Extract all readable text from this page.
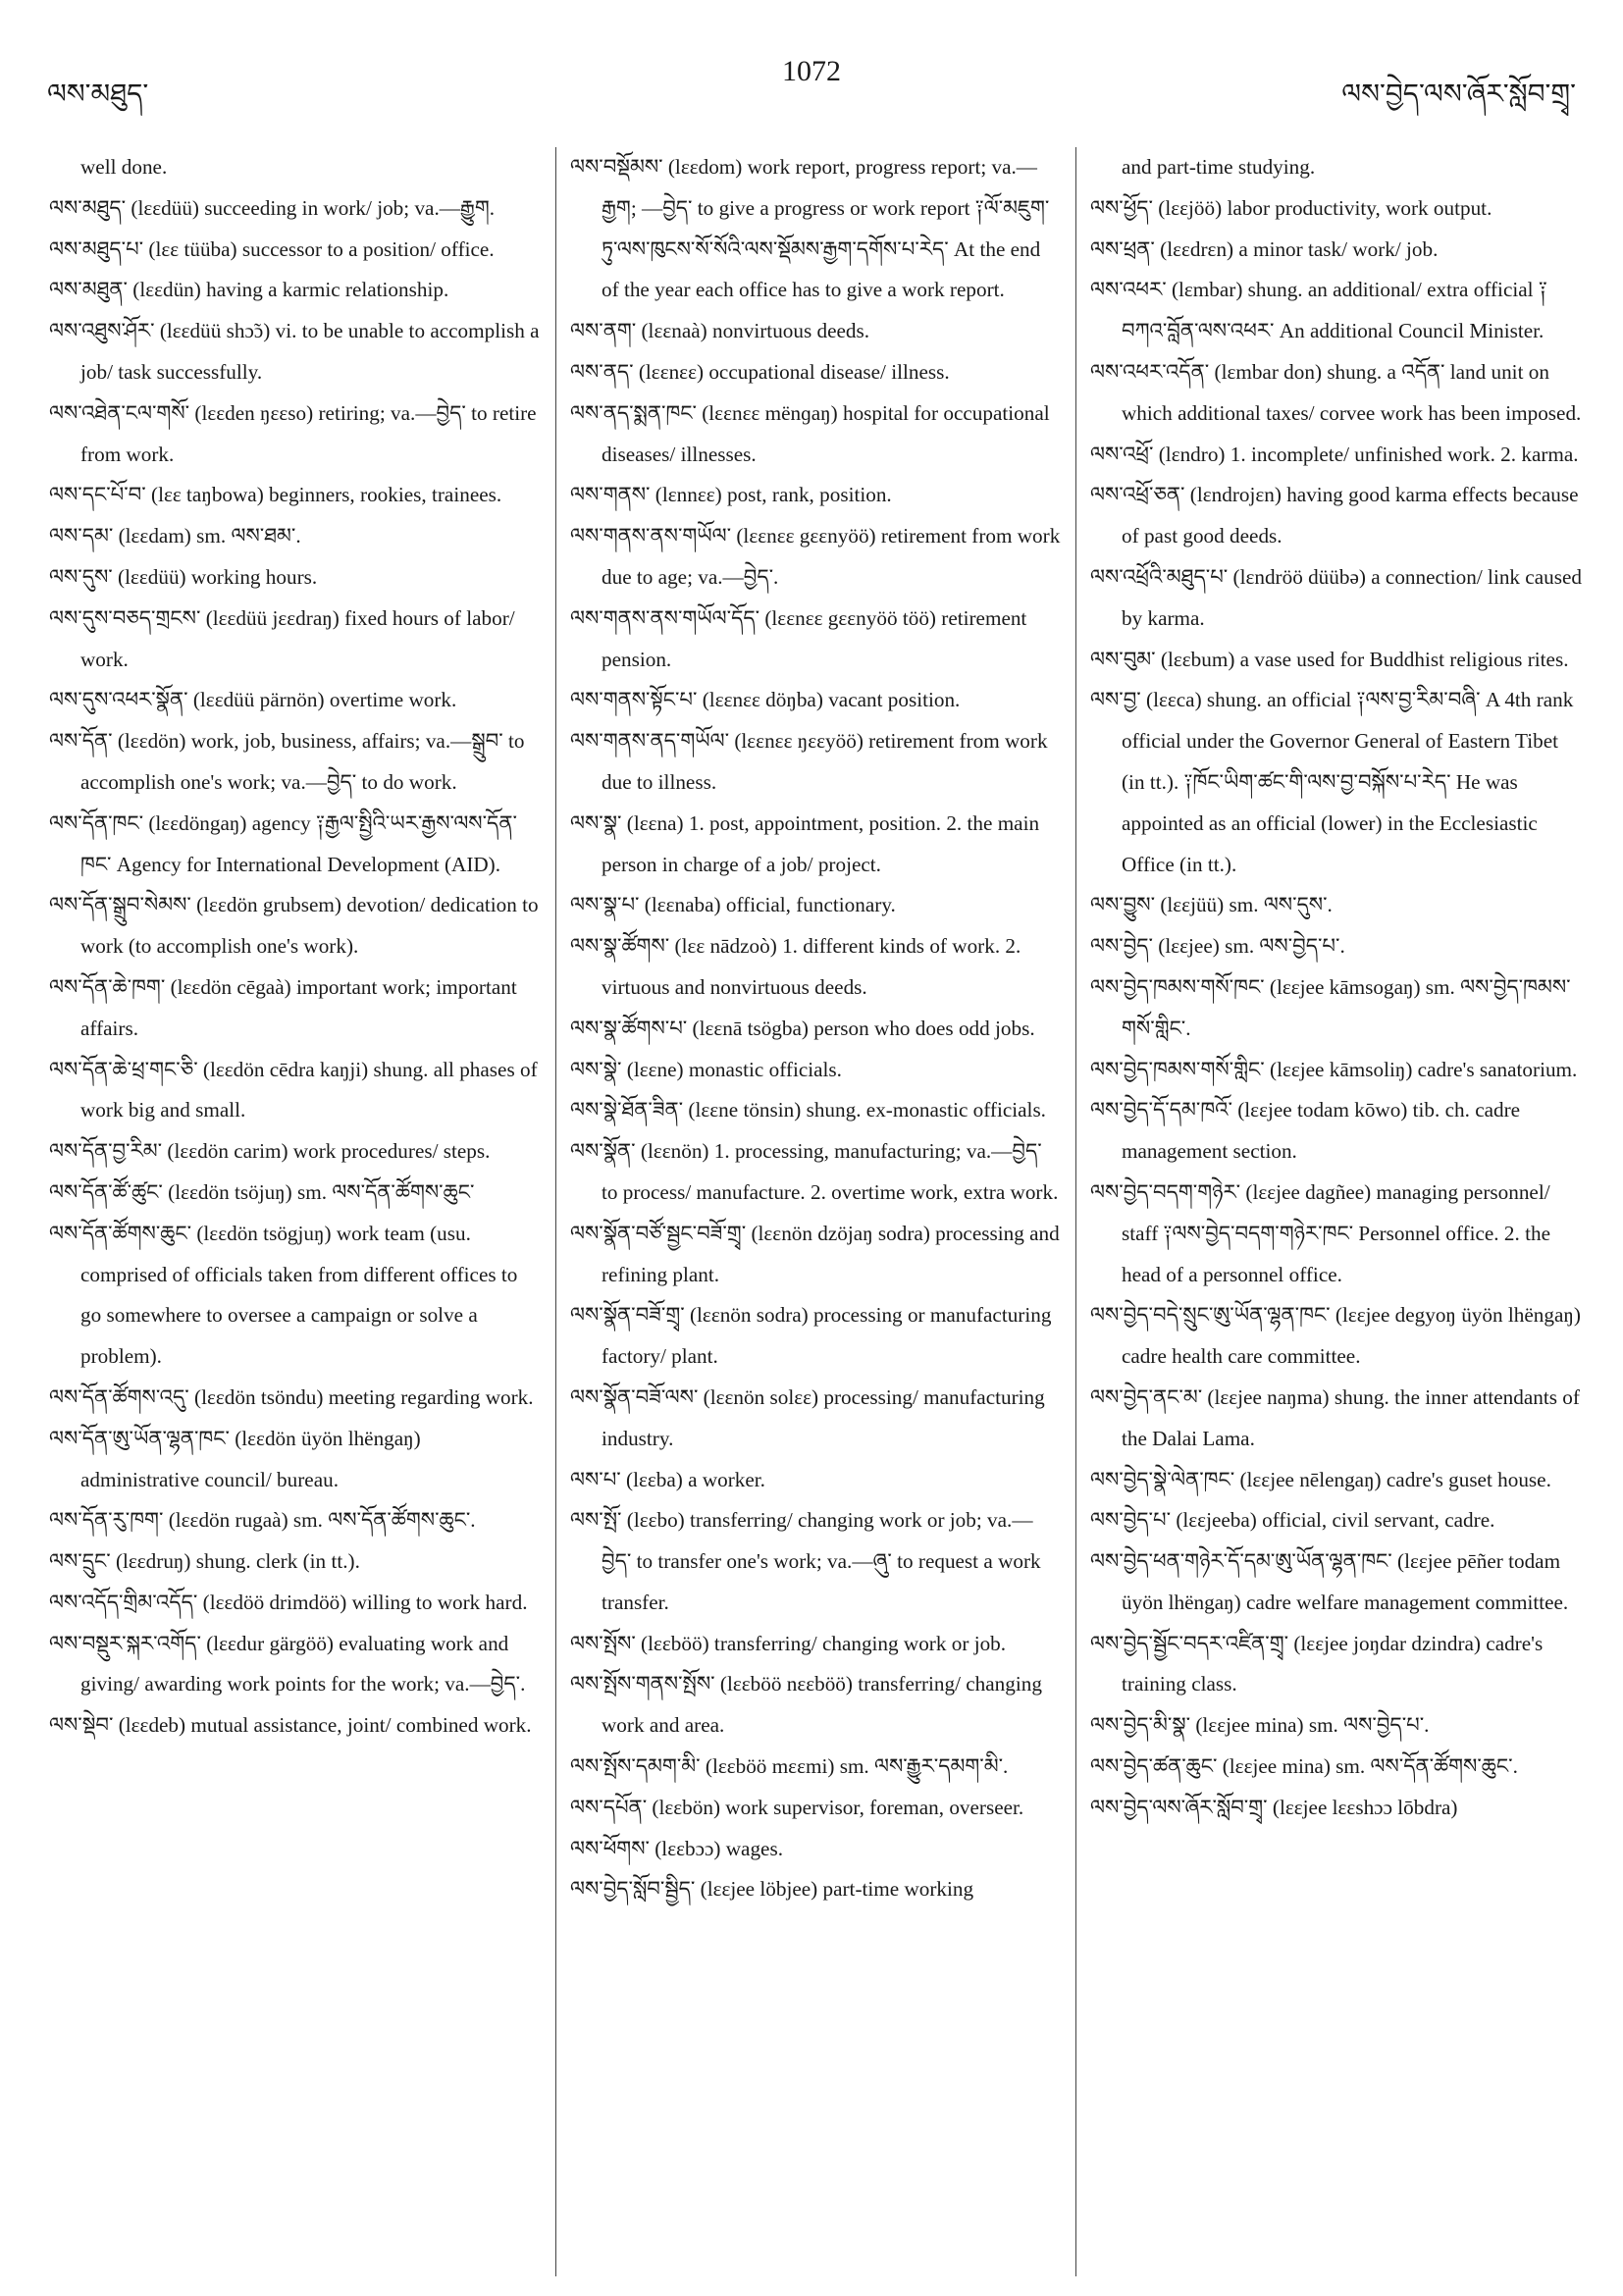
ལས་མཐུད་
1072
ལས་བྱེད་ལས་ཞོར་སློབ་གྲྭ་

well done.

ལས་མཐུད་ (lɛɛdüü) succeeding in work/ job; va.—རྒྱུག.

ལས་མཐུད་པ་ (lɛɛ tüüba) successor to a position/ office.

ལས་མཐུན་ (lɛɛdün) having a karmic relationship.

ལས་འཐུས་ཤོར་ (lɛɛdüü shɔ̃ɔ) vi. to be unable to accomplish a job/ task successfully.

ལས་འཐེན་ངལ་གསོ་ (lɛɛden ŋɛɛso) retiring; va.—བྱེད་ to retire from work.

ལས་དང་པོ་བ་ (lɛɛ taŋbowa) beginners, rookies, trainees.

ལས་དམ་ (lɛɛdam) sm. ལས་ཐམ་.

ལས་དུས་ (lɛɛdüü) working hours.

ལས་དུས་བཅད་གྲངས་ (lɛɛdüü jɛɛdraŋ) fixed hours of labor/ work.

ལས་དུས་འཕར་སྣོན་ (lɛɛdüü pärnön) overtime work.

ལས་དོན་ (lɛɛdön) work, job, business, affairs; va.—སྒྲུབ་ to accomplish one's work; va.—བྱེད་ to do work.

ལས་དོན་ཁང་ (lɛɛdöngaŋ) agency ༑རྒྱལ་སྤྱིའི་ཡར་རྒྱས་ལས་དོན་ཁང་ Agency for International Development (AID).

ལས་དོན་སྒྲུབ་སེམས་ (lɛɛdön grubsem) devotion/ dedication to work (to accomplish one's work).

ལས་དོན་ཆེ་ཁག་ (lɛɛdön cēgaà) important work; important affairs.

ལས་དོན་ཆེ་ཕྲ་གང་ཅི་ (lɛɛdön cēdra kaŋji) shung. all phases of work big and small.

ལས་དོན་བྱ་རིམ་ (lɛɛdön carim) work procedures/ steps.

ལས་དོན་ཚོ་ཚུང་ (lɛɛdön tsöjuŋ) sm. ལས་དོན་ཚོགས་ཆུང་

ལས་དོན་ཚོགས་ཆུང་ (lɛɛdön tsögjuŋ) work team (usu. comprised of officials taken from different offices to go somewhere to oversee a campaign or solve a problem).

ལས་དོན་ཚོགས་འདུ་ (lɛɛdön tsöndu) meeting regarding work.

ལས་དོན་ཨུ་ཡོན་ལྷན་ཁང་ (lɛɛdön üyön lhëngaŋ) administrative council/ bureau.

ལས་དོན་རུ་ཁག་ (lɛɛdön rugaà) sm. ལས་དོན་ཚོགས་ཆུང་.

ལས་དྲུང་ (lɛɛdruŋ) shung. clerk (in tt.).

ལས་འདོད་གྲིམ་འདོད་ (lɛɛdöö drimdöö) willing to work hard.

ལས་བསྡུར་སྐར་འགོད་ (lɛɛdur gärgöö) evaluating work and giving/ awarding work points for the work; va.—བྱེད་.

ལས་སྡེབ་ (lɛɛdeb) mutual assistance, joint/ combined work.

ལས་བསྡོམས་ (lɛɛdom) work report, progress report; va.—རྒྱག; —བྱེད་ to give a progress or work report ༑ལོ་མཇུག་ཏུ་ལས་ཁུངས་སོ་སོའི་ལས་སྡོམས་རྒྱག་དགོས་པ་རེད་ At the end of the year each office has to give a work report.

ལས་ནག་ (lɛɛnaà) nonvirtuous deeds.

ལས་ནད་ (lɛɛnɛɛ) occupational disease/ illness.

ལས་ནད་སྨན་ཁང་ (lɛɛnɛɛ mënɡaŋ) hospital for occupational diseases/ illnesses.

ལས་གནས་ (lɛnnɛɛ) post, rank, position.

ལས་གནས་ནས་གཡོལ་ (lɛɛnɛɛ gɛɛnyöö) retirement from work due to age; va.—བྱེད་.

ལས་གནས་ནས་གཡོལ་དོད་ (lɛɛnɛɛ gɛɛnyöö töö) retirement pension.

ལས་གནས་སྟོང་པ་ (lɛɛnɛɛ döŋba) vacant position.

ལས་གནས་ནད་གཡོལ་ (lɛɛnɛɛ ŋɛɛyöö) retirement from work due to illness.

ལས་སྣ་ (lɛɛna) 1. post, appointment, position. 2. the main person in charge of a job/ project.

ལས་སྣ་པ་ (lɛɛnaba) official, functionary.

ལས་སྣ་ཚོགས་ (lɛɛ nādzoò) 1. different kinds of work. 2. virtuous and nonvirtuous deeds.

ལས་སྣ་ཚོགས་པ་ (lɛɛnā tsögba) person who does odd jobs.

ལས་སྣེ་ (lɛɛne) monastic officials.

ལས་སྣེ་ཐོན་ཟིན་ (lɛɛne tönsin) shung. ex-monastic officials.

ལས་སྣོན་ (lɛɛnön) 1. processing, manufacturing; va.—བྱེད་ to process/ manufacture. 2. overtime work, extra work.

ལས་སྣོན་བཙོ་སྦྱང་བཟོ་གྲྭ་ (lɛɛnön dzöjaŋ sodra) processing and refining plant.

ལས་སྣོན་བཟོ་གྲྭ་ (lɛɛnön sodra) processing or manufacturing factory/ plant.

ལས་སྣོན་བཟོ་ལས་ (lɛɛnön solɛɛ) processing/ manufacturing industry.

ལས་པ་ (lɛɛba) a worker.

ལས་སྤོ་ (lɛɛbo) transferring/ changing work or job; va.—བྱེད་ to transfer one's work; va.—ཞུ་ to request a work transfer.

ལས་སྤོས་ (lɛɛböö) transferring/ changing work or job.

ལས་སྤོས་གནས་སྤོས་ (lɛɛböö nɛɛböö) transferring/ changing work and area.

ལས་སྤོས་དམག་མི་ (lɛɛböö mɛɛmi) sm. ལས་རྒྱུར་དམག་མི་.

ལས་དཔོན་ (lɛɛbön) work supervisor, foreman, overseer.

ལས་ཕོགས་ (lɛɛbɔɔ) wages.

ལས་བྱེད་སློབ་སྦྱིད་ (lɛɛjee löbjee) part-time working

and part-time studying.

ལས་ཕྱོད་ (lɛɛjöö) labor productivity, work output.

ལས་ཕྲན་ (lɛɛdrɛn) a minor task/ work/ job.

ལས་འཕར་ (lɛmbar) shung. an additional/ extra official ༑བཀའ་བློན་ལས་འཕར་ An additional Council Minister.

ལས་འཕར་འདོན་ (lɛmbar don) shung. a འདོན་ land unit on which additional taxes/ corvee work has been imposed.

ལས་འཕྲོ་ (lɛndro) 1. incomplete/ unfinished work. 2. karma.

ལས་འཕྲོ་ཅན་ (lɛndrojɛn) having good karma effects because of past good deeds.

ལས་འཕྲོའི་མཐུད་པ་ (lɛndröö düübə) a connection/ link caused by karma.

ལས་བུམ་ (lɛɛbum) a vase used for Buddhist religious rites.

ལས་བྱ་ (lɛɛca) shung. an official ༑ལས་བྱ་རིམ་བཞི་ A 4th rank official under the Governor General of Eastern Tibet (in tt.). ༑ཁོང་ཡིག་ཚང་གི་ལས་བྱ་བསྐོས་པ་རེད་ He was appointed as an official (lower) in the Ecclesiastic Office (in tt.).

ལས་བྱུས་ (lɛɛjüü) sm. ལས་དུས་.

ལས་བྱེད་ (lɛɛjee) sm. ལས་བྱེད་པ་.

ལས་བྱེད་ཁམས་གསོ་ཁང་ (lɛɛjee kāmsogaŋ) sm. ལས་བྱེད་ཁམས་གསོ་གླིང་.

ལས་བྱེད་ཁམས་གསོ་གླིང་ (lɛɛjee kāmsoliŋ) cadre's sanatorium.

ལས་བྱེད་དོ་དམ་ཁའོ་ (lɛɛjee todam kōwo) tib. ch. cadre management section.

ལས་བྱེད་བདག་གཉེར་ (lɛɛjee dagñee) managing personnel/ staff ༑ལས་བྱེད་བདག་གཉེར་ཁང་ Personnel office. 2. the head of a personnel office.

ལས་བྱེད་བདེ་སྲུང་ཨུ་ཡོན་ལྷན་ཁང་ (lɛɛjee degyoŋ üyön lhëngaŋ) cadre health care committee.

ལས་བྱེད་ནང་མ་ (lɛɛjee naŋma) shung. the inner attendants of the Dalai Lama.

ལས་བྱེད་སྣེ་ལེན་ཁང་ (lɛɛjee nēlengaŋ) cadre's guset house.

ལས་བྱེད་པ་ (lɛɛjeeba) official, civil servant, cadre.

ལས་བྱེད་ཕན་གཉེར་དོ་དམ་ཨུ་ཡོན་ལྷན་ཁང་ (lɛɛjee pēñer todam üyön lhëngaŋ) cadre welfare management committee.

ལས་བྱེད་སྦྱོང་བདར་འཛིན་གྲྭ་ (lɛɛjee joŋdar dzindra) cadre's training class.

ལས་བྱེད་མི་སྣ་ (lɛɛjee mina) sm. ལས་བྱེད་པ་.

ལས་བྱེད་ཚན་ཆུང་ (lɛɛjee mina) sm. ལས་དོན་ཚོགས་ཆུང་.

ལས་བྱེད་ལས་ཞོར་སློབ་གྲྭ་ (lɛɛjee lɛɛshɔɔ lōbdra)
